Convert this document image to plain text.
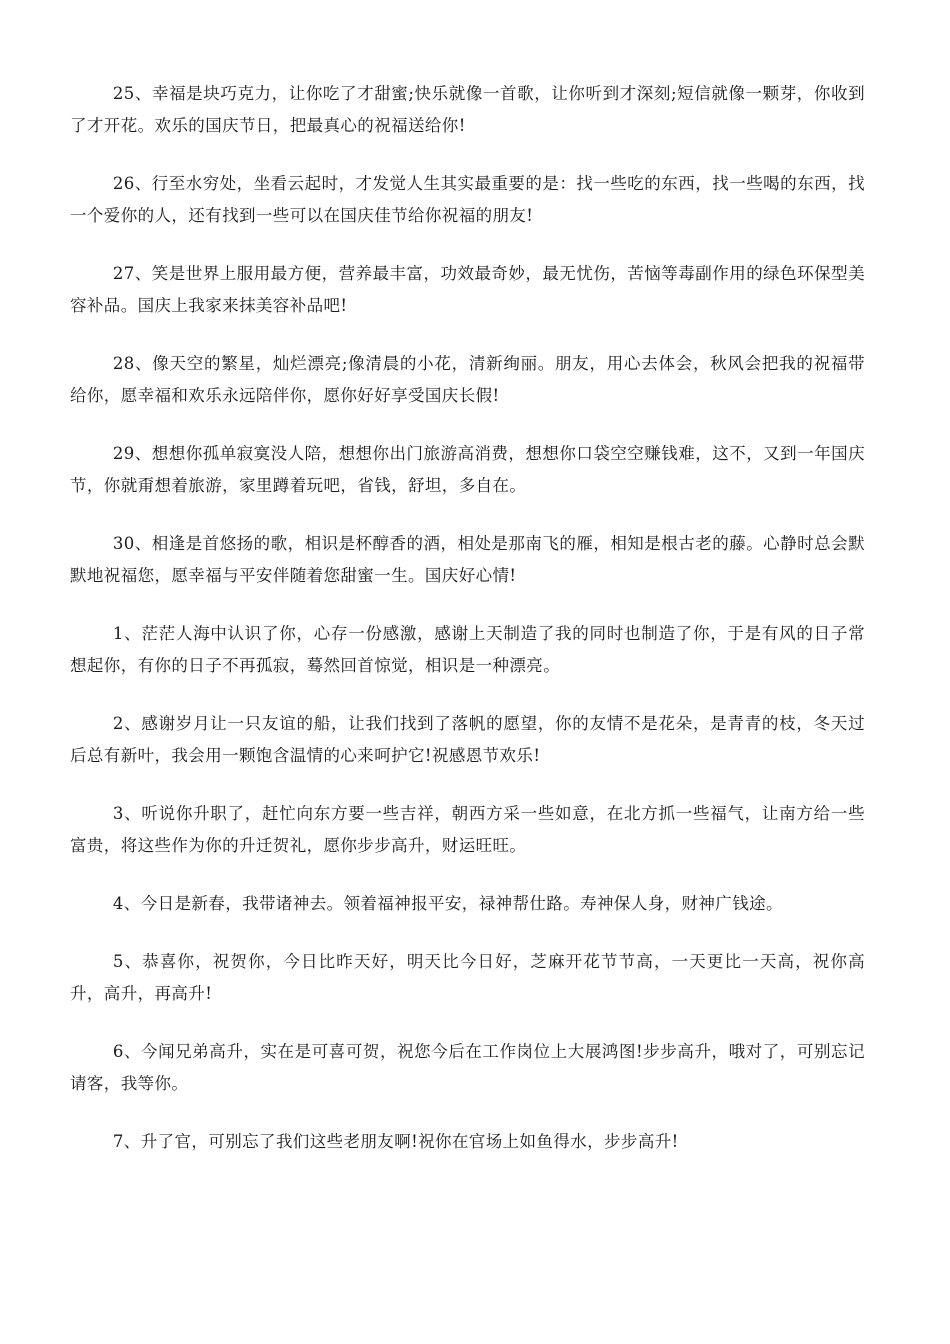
25、幸福是块巧克力，让你吃了才甜蜜;快乐就像一首歌，让你听到才深刻;短信就像一颗芽，你收到了才开花。欢乐的国庆节日，把最真心的祝福送给你!

26、行至水穷处，坐看云起时，才发觉人生其实最重要的是：找一些吃的东西，找一些喝的东西，找一个爱你的人，还有找到一些可以在国庆佳节给你祝福的朋友!

27、笑是世界上服用最方便，营养最丰富，功效最奇妙，最无忧伤，苦恼等毒副作用的绿色环保型美容补品。国庆上我家来抹美容补品吧!

28、像天空的繁星，灿烂漂亮;像清晨的小花，清新绚丽。朋友，用心去体会，秋风会把我的祝福带给你，愿幸福和欢乐永远陪伴你，愿你好好享受国庆长假!

29、想想你孤单寂寞没人陪，想想你出门旅游高消费，想想你口袋空空赚钱难，这不，又到一年国庆节，你就甭想着旅游，家里蹲着玩吧，省钱，舒坦，多自在。

30、相逢是首悠扬的歌，相识是杯醇香的酒，相处是那南飞的雁，相知是根古老的藤。心静时总会默默地祝福您，愿幸福与平安伴随着您甜蜜一生。国庆好心情!

1、茫茫人海中认识了你，心存一份感激，感谢上天制造了我的同时也制造了你，于是有风的日子常想起你，有你的日子不再孤寂，蓦然回首惊觉，相识是一种漂亮。

2、感谢岁月让一只友谊的船，让我们找到了落帆的愿望，你的友情不是花朵，是青青的枝，冬天过后总有新叶，我会用一颗饱含温情的心来呵护它!祝感恩节欢乐!

3、听说你升职了，赶忙向东方要一些吉祥，朝西方采一些如意，在北方抓一些福气，让南方给一些富贵，将这些作为你的升迁贺礼，愿你步步高升，财运旺旺。

4、今日是新春，我带诸神去。领着福神报平安，禄神帮仕路。寿神保人身，财神广钱途。

5、恭喜你，祝贺你，今日比昨天好，明天比今日好，芝麻开花节节高，一天更比一天高，祝你高升，高升，再高升!

6、今闻兄弟高升，实在是可喜可贺，祝您今后在工作岗位上大展鸿图!步步高升，哦对了，可别忘记请客，我等你。

7、升了官，可别忘了我们这些老朋友啊!祝你在官场上如鱼得水，步步高升!
